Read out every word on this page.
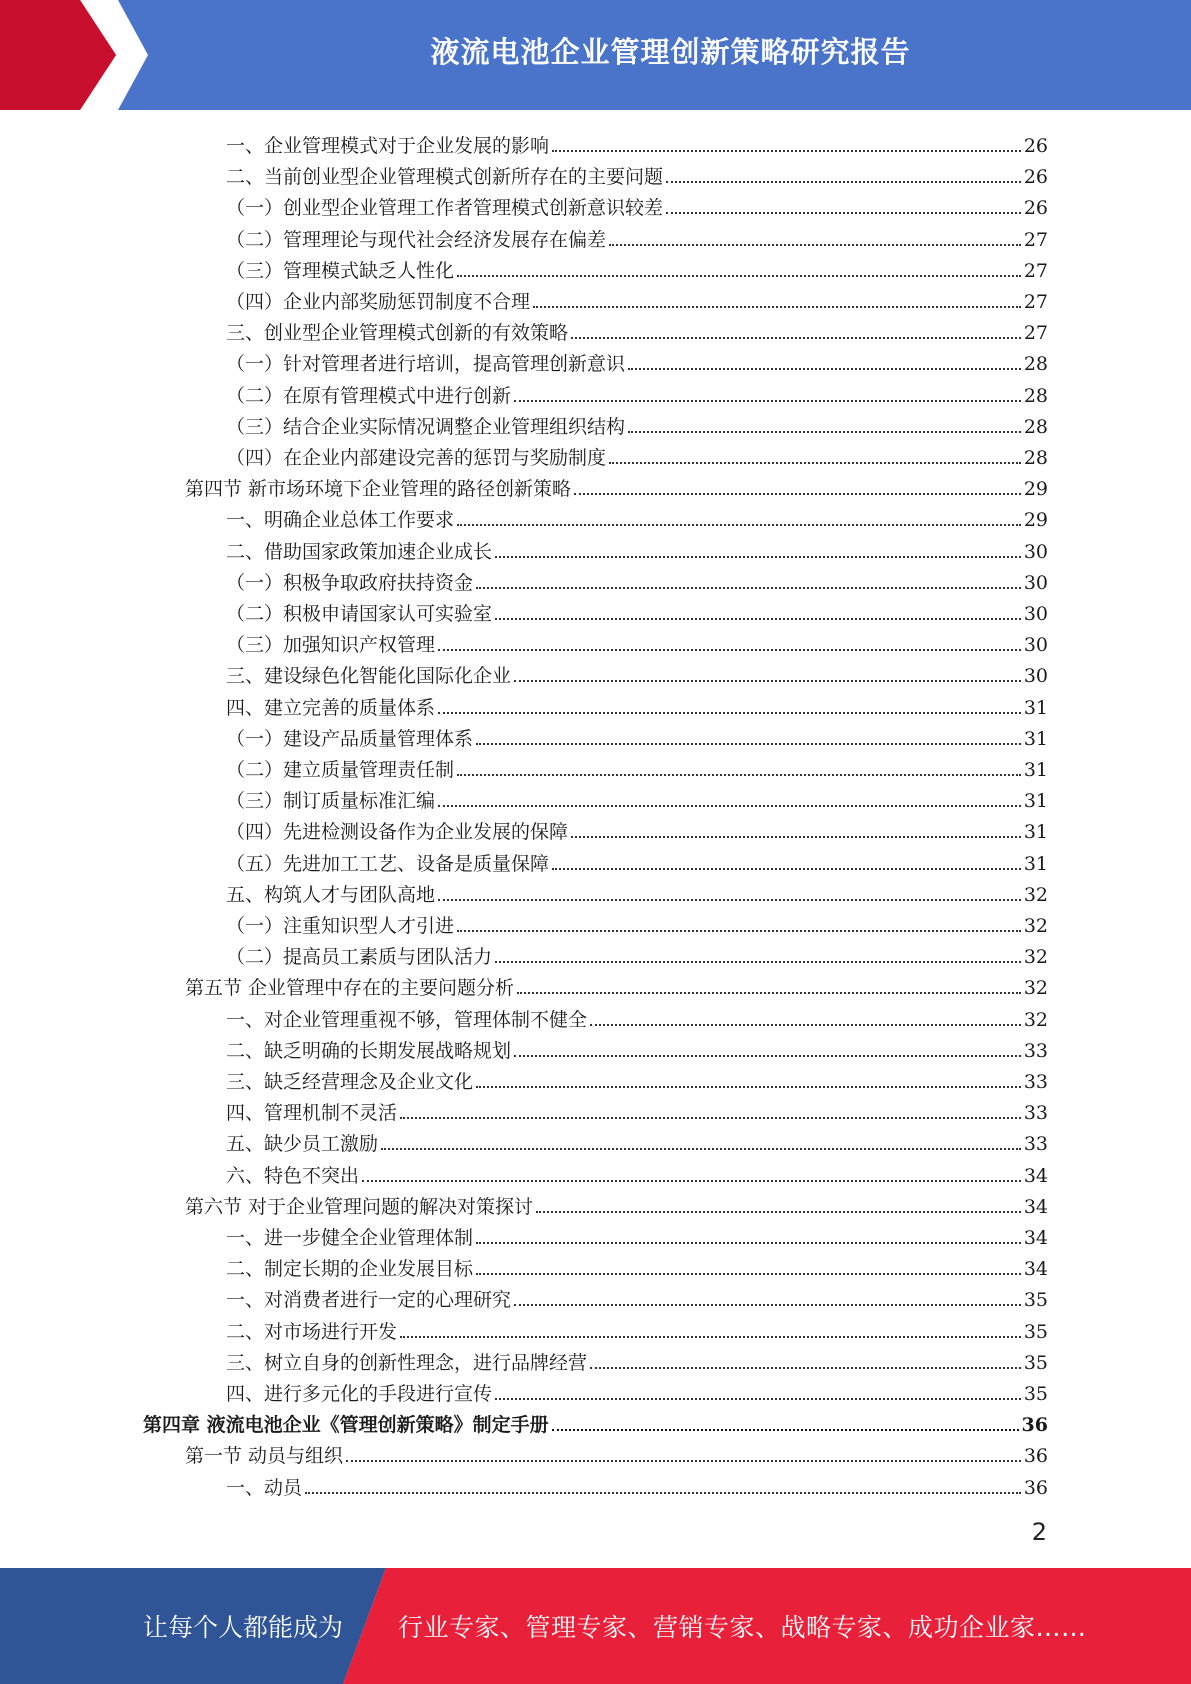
液流电池企业管理创新策略研究报告
一、企业管理模式对于企业发展的影响	26
二、当前创业型企业管理模式创新所存在的主要问题	26
（一）创业型企业管理工作者管理模式创新意识较差	26
（二）管理理论与现代社会经济发展存在偏差	27
（三）管理模式缺乏人性化	27
（四）企业内部奖励惩罚制度不合理	27
三、创业型企业管理模式创新的有效策略	27
（一）针对管理者进行培训，提高管理创新意识	28
（二）在原有管理模式中进行创新	28
（三）结合企业实际情况调整企业管理组织结构	28
（四）在企业内部建设完善的惩罚与奖励制度	28
第四节 新市场环境下企业管理的路径创新策略	29
一、明确企业总体工作要求	29
二、借助国家政策加速企业成长	30
（一）积极争取政府扶持资金	30
（二）积极申请国家认可实验室	30
（三）加强知识产权管理	30
三、建设绿色化智能化国际化企业	30
四、建立完善的质量体系	31
（一）建设产品质量管理体系	31
（二）建立质量管理责任制	31
（三）制订质量标准汇编	31
（四）先进检测设备作为企业发展的保障	31
（五）先进加工工艺、设备是质量保障	31
五、构筑人才与团队高地	32
（一）注重知识型人才引进	32
（二）提高员工素质与团队活力	32
第五节 企业管理中存在的主要问题分析	32
一、对企业管理重视不够，管理体制不健全	32
二、缺乏明确的长期发展战略规划	33
三、缺乏经营理念及企业文化	33
四、管理机制不灵活	33
五、缺少员工激励	33
六、特色不突出	34
第六节 对于企业管理问题的解决对策探讨	34
一、进一步健全企业管理体制	34
二、制定长期的企业发展目标	34
一、对消费者进行一定的心理研究	35
二、对市场进行开发	35
三、树立自身的创新性理念，进行品牌经营	35
四、进行多元化的手段进行宣传	35
第四章 液流电池企业《管理创新策略》制定手册	36
第一节 动员与组织	36
一、动员	36
2
让每个人都能成为 行业专家、管理专家、营销专家、战略专家、成功企业家……
